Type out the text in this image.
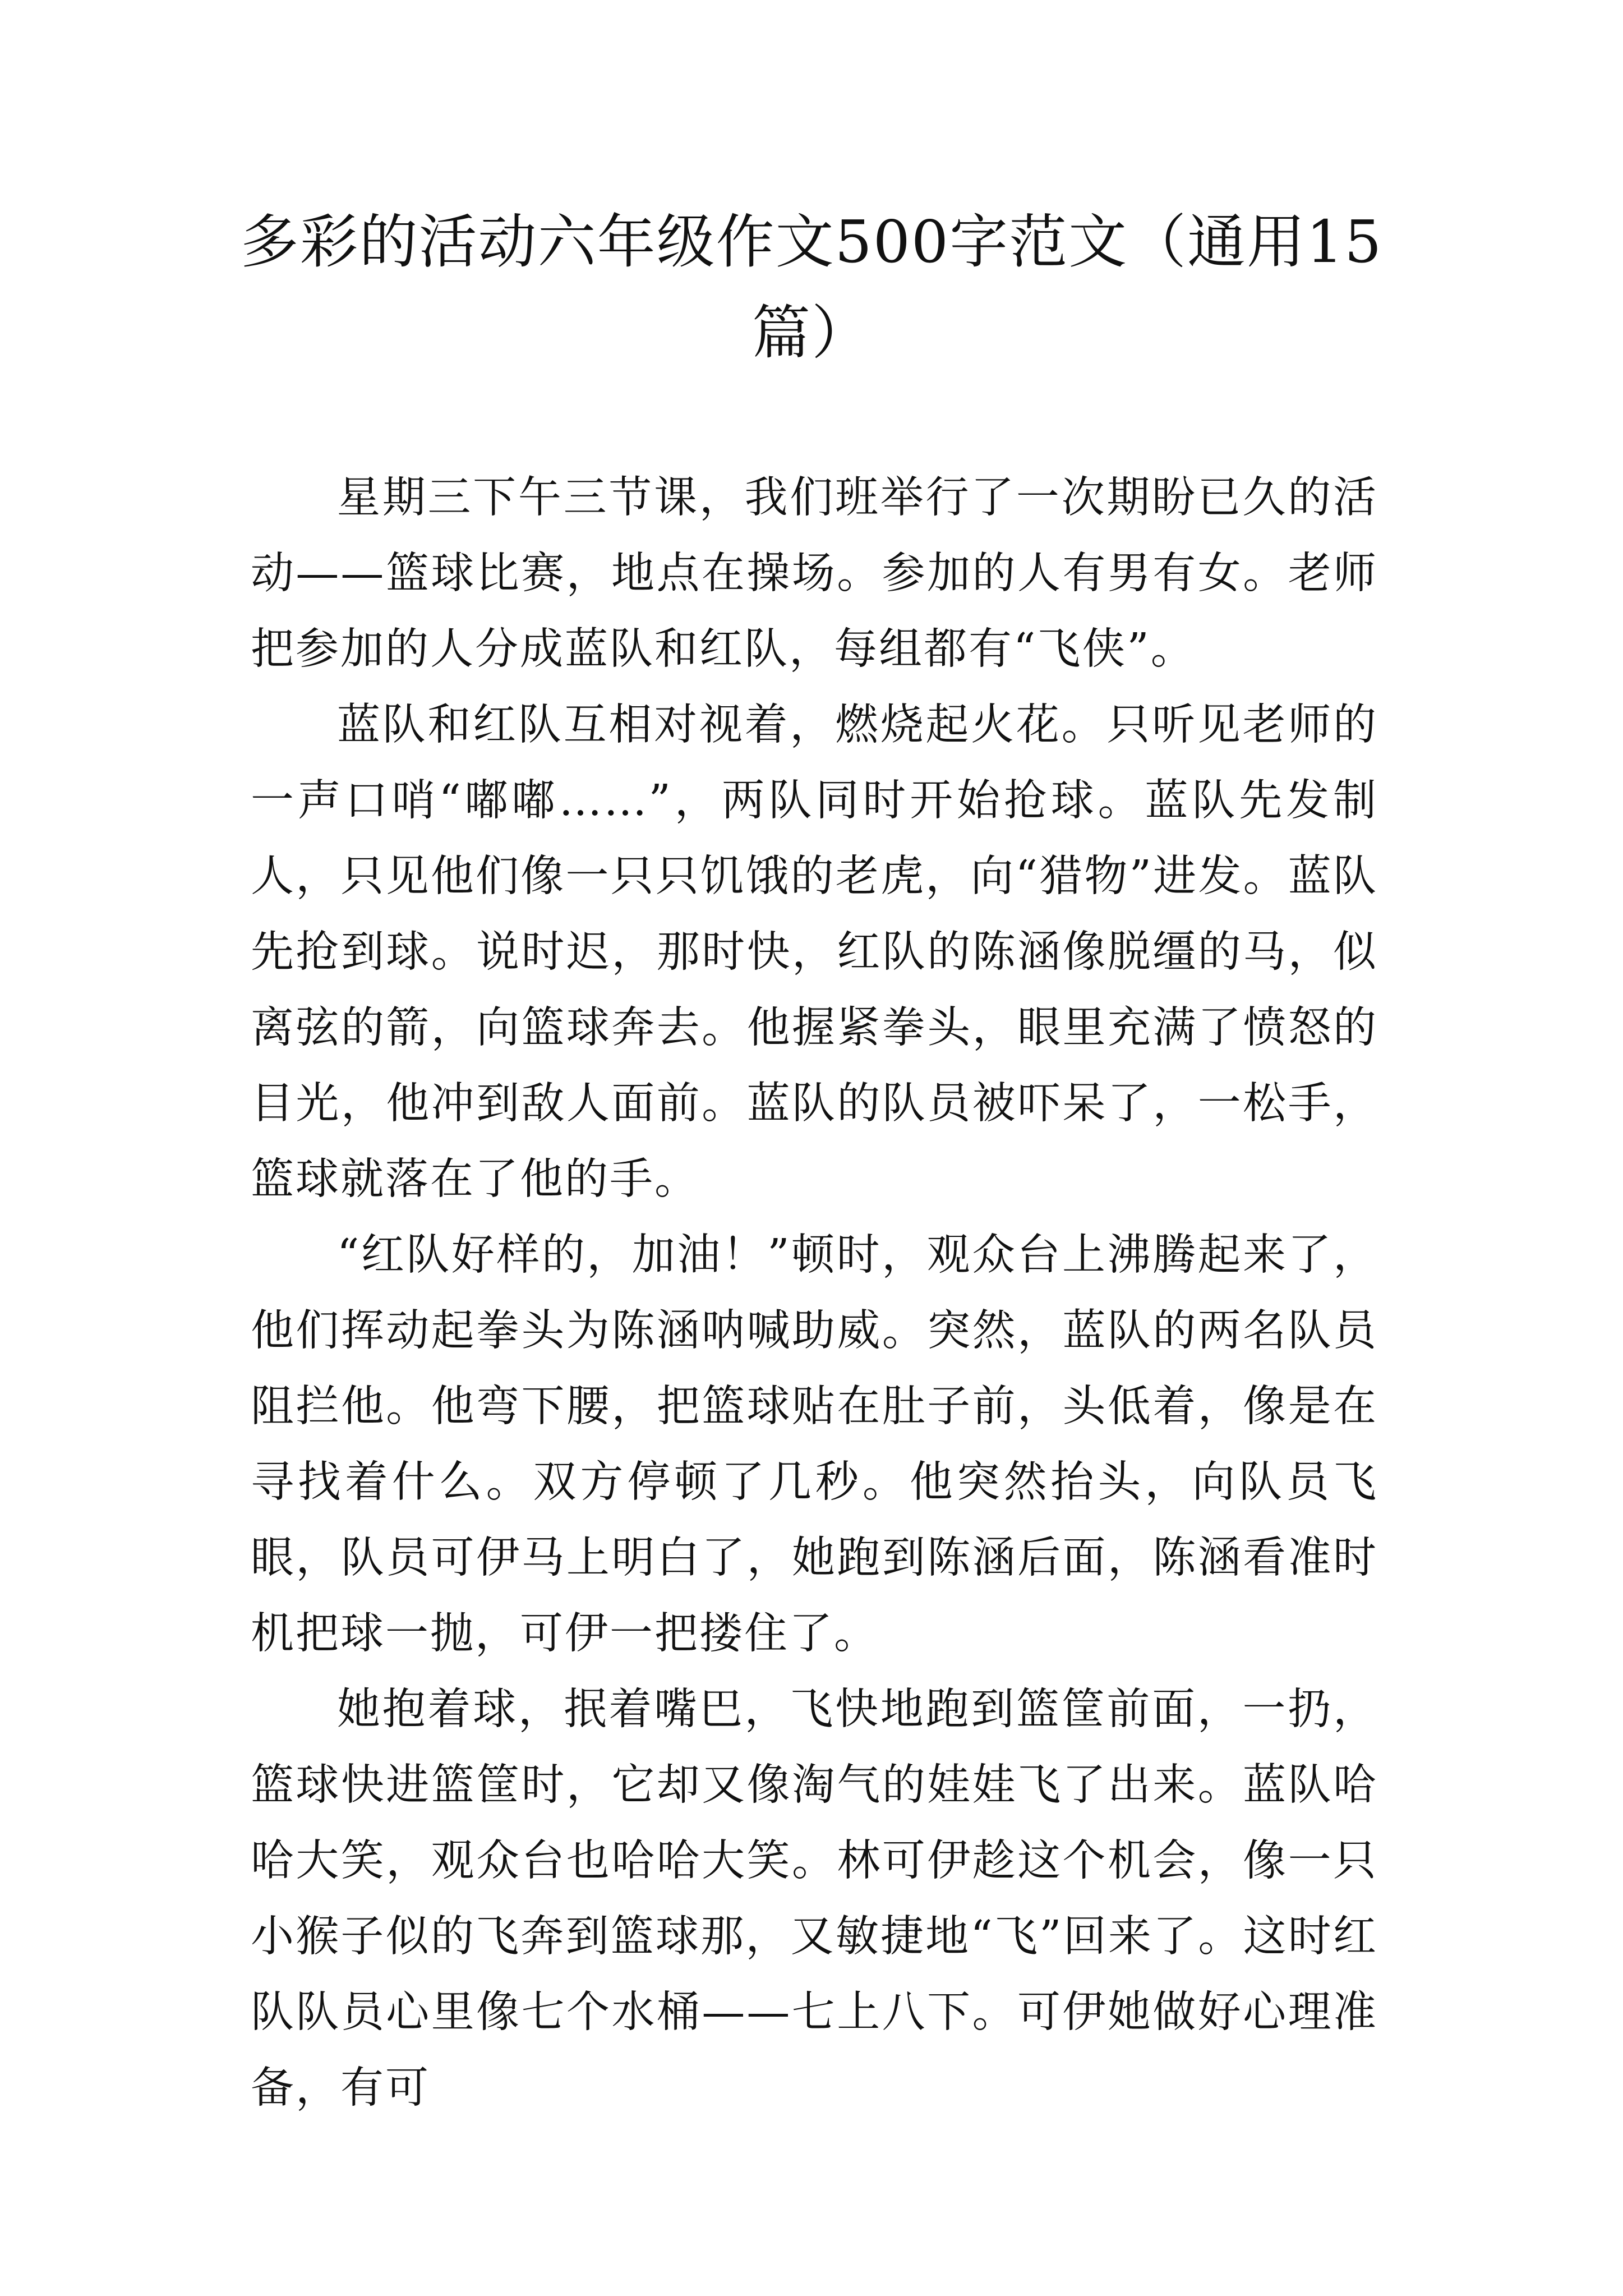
多彩的活动六年级作文500字范文（通用15篇）

星期三下午三节课，我们班举行了一次期盼已久的活动——篮球比赛，地点在操场。参加的人有男有女。老师把参加的人分成蓝队和红队，每组都有“飞侠”。

蓝队和红队互相对视着，燃烧起火花。只听见老师的一声口哨“嘟嘟……”，两队同时开始抢球。蓝队先发制人，只见他们像一只只饥饿的老虎，向“猎物”进发。蓝队先抢到球。说时迟，那时快，红队的陈涵像脱缰的马，似离弦的箭，向篮球奔去。他握紧拳头，眼里充满了愤怒的目光，他冲到敌人面前。蓝队的队员被吓呆了，一松手，篮球就落在了他的手。

“红队好样的，加油！”顿时，观众台上沸腾起来了，他们挥动起拳头为陈涵呐喊助威。突然，蓝队的两名队员阻拦他。他弯下腰，把篮球贴在肚子前，头低着，像是在寻找着什么。双方停顿了几秒。他突然抬头，向队员飞眼，队员可伊马上明白了，她跑到陈涵后面，陈涵看准时机把球一抛，可伊一把搂住了。

她抱着球，抿着嘴巴，飞快地跑到篮筐前面，一扔，篮球快进篮筐时，它却又像淘气的娃娃飞了出来。蓝队哈哈大笑，观众台也哈哈大笑。林可伊趁这个机会，像一只小猴子似的飞奔到篮球那，又敏捷地“飞”回来了。这时红队队员心里像七个水桶——七上八下。可伊她做好心理准备，有可
